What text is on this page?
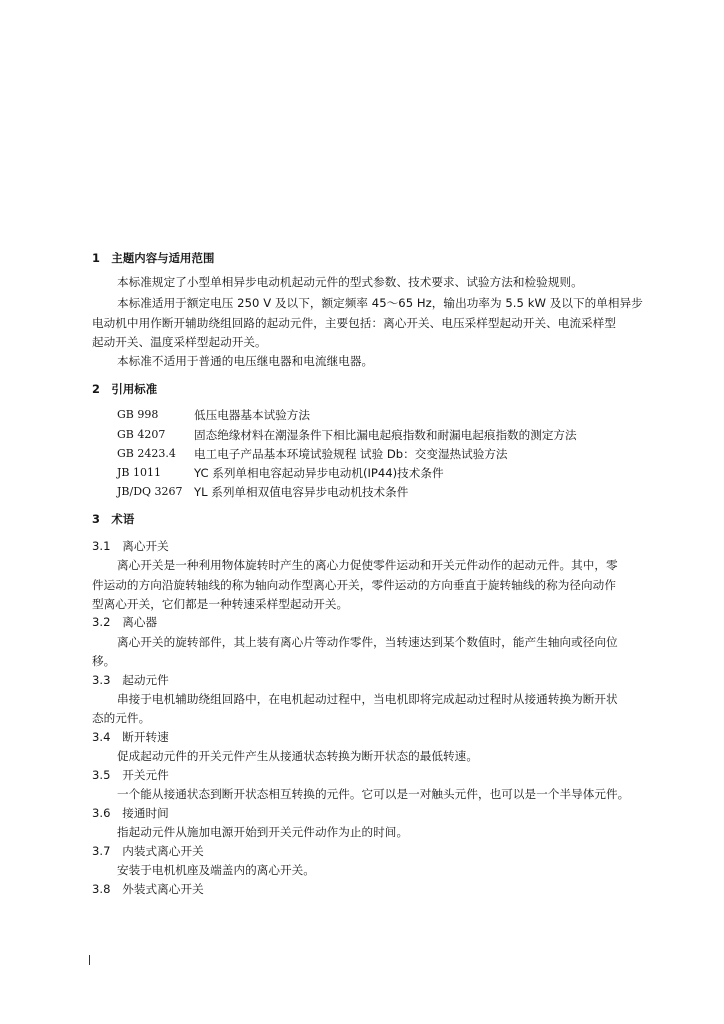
1　主题内容与适用范围
本标准规定了小型单相异步电动机起动元件的型式参数、技术要求、试验方法和检验规则。
本标准适用于额定电压 250 V 及以下，额定频率 45～65 Hz，输出功率为 5.5 kW 及以下的单相异步
电动机中用作断开辅助绕组回路的起动元件，主要包括：离心开关、电压采样型起动开关、电流采样型
起动开关、温度采样型起动开关。
本标准不适用于普通的电压继电器和电流继电器。
2　引用标准
GB 998	低压电器基本试验方法
GB 4207 固态绝缘材料在潮湿条件下相比漏电起痕指数和耐漏电起痕指数的测定方法
GB 2423.4 电工电子产品基本环境试验规程 试验 Db：交变湿热试验方法
JB 1011	YC 系列单相电容起动异步电动机(IP44)技术条件
JB/DQ 3267 YL 系列单相双值电容异步电动机技术条件
3　术语
3.1　离心开关
离心开关是一种利用物体旋转时产生的离心力促使零件运动和开关元件动作的起动元件。其中，零
件运动的方向沿旋转轴线的称为轴向动作型离心开关，零件运动的方向垂直于旋转轴线的称为径向动作
型离心开关，它们都是一种转速采样型起动开关。
3.2　离心器
离心开关的旋转部件，其上装有离心片等动作零件，当转速达到某个数值时，能产生轴向或径向位
移。
3.3　起动元件
串接于电机辅助绕组回路中，在电机起动过程中，当电机即将完成起动过程时从接通转换为断开状
态的元件。
3.4　断开转速
促成起动元件的开关元件产生从接通状态转换为断开状态的最低转速。
3.5　开关元件
一个能从接通状态到断开状态相互转换的元件。它可以是一对触头元件，也可以是一个半导体元件。
3.6　接通时间
指起动元件从施加电源开始到开关元件动作为止的时间。
3.7　内装式离心开关
安装于电机机座及端盖内的离心开关。
3.8　外装式离心开关
